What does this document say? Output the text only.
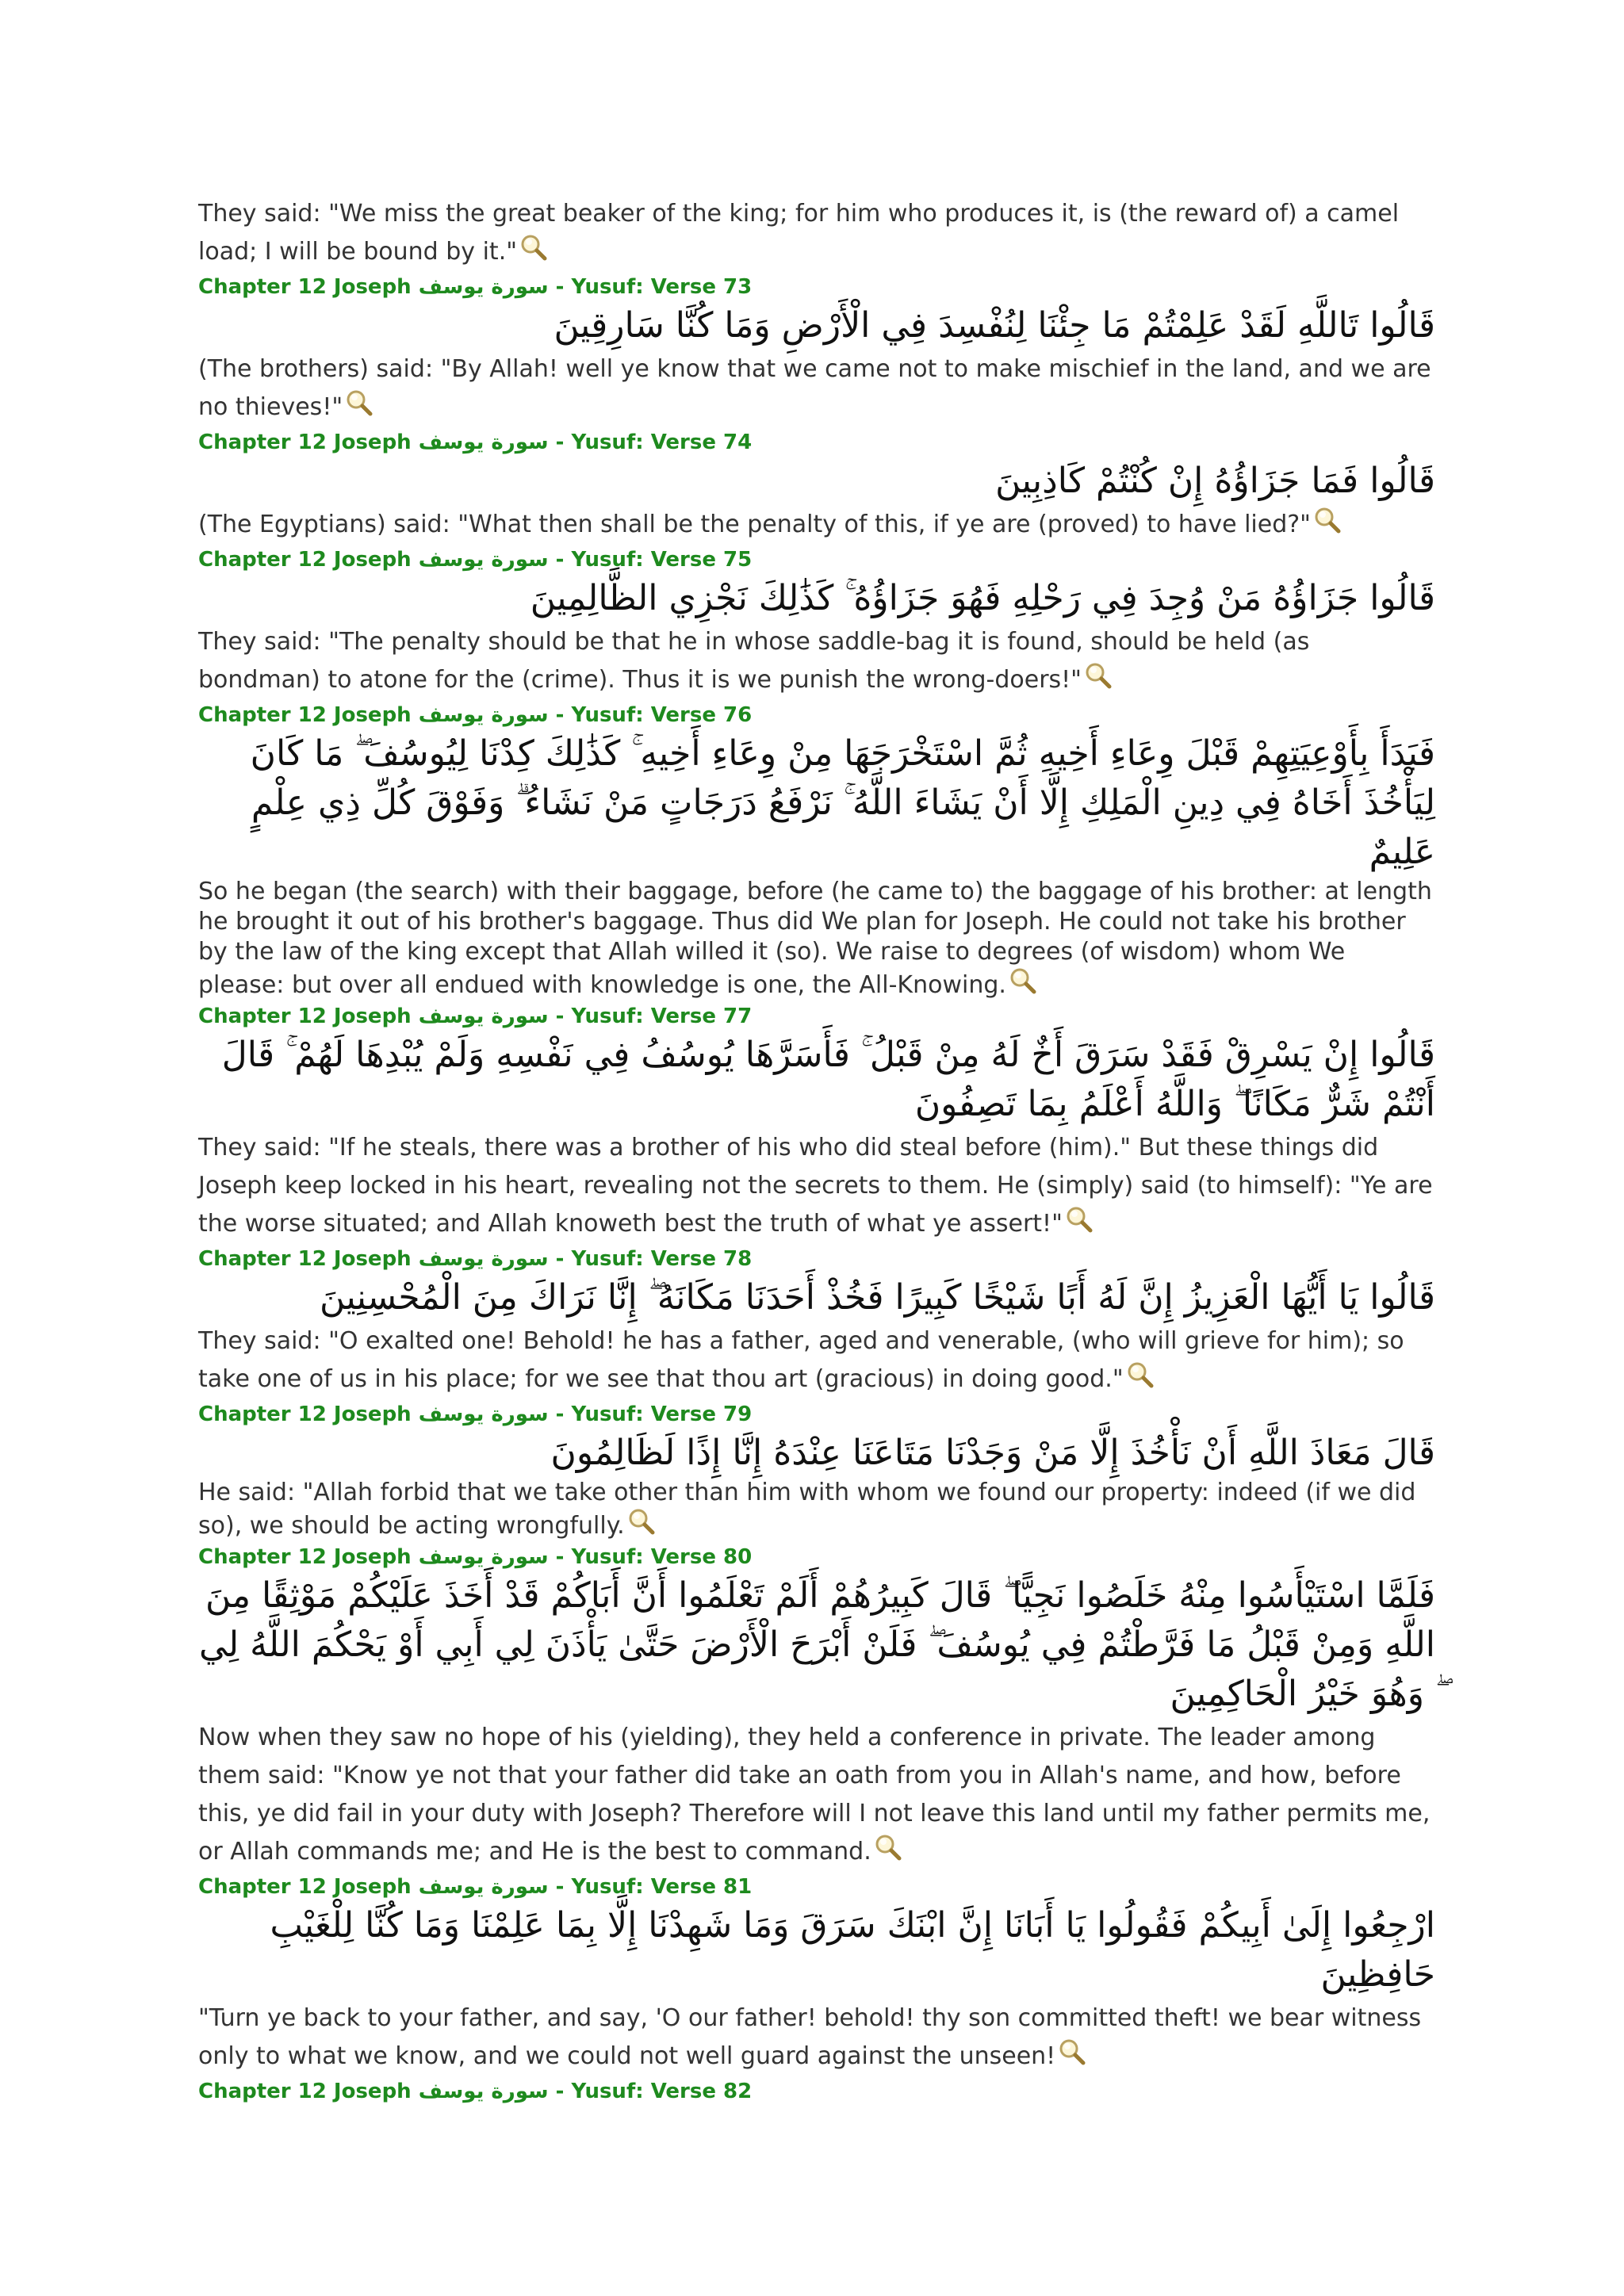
They said: "We miss the great beaker of the king; for him who produces it, is (the reward of) a camel load; I will be bound by it."

Chapter 12 Joseph سورة يوسف - Yusuf: Verse 73

قَالُوا تَاللَّهِ لَقَدْ عَلِمْتُمْ مَا جِئْنَا لِنُفْسِدَ فِي الْأَرْضِ وَمَا كُنَّا سَارِقِينَ

(The brothers) said: "By Allah! well ye know that we came not to make mischief in the land, and we are no thieves!"

Chapter 12 Joseph سورة يوسف - Yusuf: Verse 74

قَالُوا فَمَا جَزَاؤُهُ إِنْ كُنْتُمْ كَاذِبِينَ

(The Egyptians) said: "What then shall be the penalty of this, if ye are (proved) to have lied?"

Chapter 12 Joseph سورة يوسف - Yusuf: Verse 75

قَالُوا جَزَاؤُهُ مَنْ وُجِدَ فِي رَحْلِهِ فَهُوَ جَزَاؤُهُ ۚ كَذَٰلِكَ نَجْزِي الظَّالِمِينَ

They said: "The penalty should be that he in whose saddle-bag it is found, should be held (as bondman) to atone for the (crime). Thus it is we punish the wrong-doers!"

Chapter 12 Joseph سورة يوسف - Yusuf: Verse 76

فَبَدَأَ بِأَوْعِيَتِهِمْ قَبْلَ وِعَاءِ أَخِيهِ ثُمَّ اسْتَخْرَجَهَا مِنْ وِعَاءِ أَخِيهِ ۚ كَذَٰلِكَ كِدْنَا لِيُوسُفَ ۖ مَا كَانَ لِيَأْخُذَ أَخَاهُ فِي دِينِ الْمَلِكِ إِلَّا أَنْ يَشَاءَ اللَّهُ ۚ نَرْفَعُ دَرَجَاتٍ مَنْ نَشَاءُ ۗ وَفَوْقَ كُلِّ ذِي عِلْمٍ عَلِيمٌ

So he began (the search) with their baggage, before (he came to) the baggage of his brother: at length he brought it out of his brother's baggage. Thus did We plan for Joseph. He could not take his brother by the law of the king except that Allah willed it (so). We raise to degrees (of wisdom) whom We please: but over all endued with knowledge is one, the All-Knowing.

Chapter 12 Joseph سورة يوسف - Yusuf: Verse 77

قَالُوا إِنْ يَسْرِقْ فَقَدْ سَرَقَ أَخٌ لَهُ مِنْ قَبْلُ ۚ فَأَسَرَّهَا يُوسُفُ فِي نَفْسِهِ وَلَمْ يُبْدِهَا لَهُمْ ۚ قَالَ أَنْتُمْ شَرٌّ مَكَانًا ۖ وَاللَّهُ أَعْلَمُ بِمَا تَصِفُونَ

They said: "If he steals, there was a brother of his who did steal before (him)." But these things did Joseph keep locked in his heart, revealing not the secrets to them. He (simply) said (to himself): "Ye are the worse situated; and Allah knoweth best the truth of what ye assert!"

Chapter 12 Joseph سورة يوسف - Yusuf: Verse 78

قَالُوا يَا أَيُّهَا الْعَزِيزُ إِنَّ لَهُ أَبًا شَيْخًا كَبِيرًا فَخُذْ أَحَدَنَا مَكَانَهُ ۖ إِنَّا نَرَاكَ مِنَ الْمُحْسِنِينَ

They said: "O exalted one! Behold! he has a father, aged and venerable, (who will grieve for him); so take one of us in his place; for we see that thou art (gracious) in doing good."

Chapter 12 Joseph سورة يوسف - Yusuf: Verse 79

قَالَ مَعَاذَ اللَّهِ أَنْ نَأْخُذَ إِلَّا مَنْ وَجَدْنَا مَتَاعَنَا عِنْدَهُ إِنَّا إِذًا لَظَالِمُونَ

He said: "Allah forbid that we take other than him with whom we found our property: indeed (if we did so), we should be acting wrongfully.

Chapter 12 Joseph سورة يوسف - Yusuf: Verse 80

فَلَمَّا اسْتَيْأَسُوا مِنْهُ خَلَصُوا نَجِيًّا ۖ قَالَ كَبِيرُهُمْ أَلَمْ تَعْلَمُوا أَنَّ أَبَاكُمْ قَدْ أَخَذَ عَلَيْكُمْ مَوْثِقًا مِنَ اللَّهِ وَمِنْ قَبْلُ مَا فَرَّطْتُمْ فِي يُوسُفَ ۖ فَلَنْ أَبْرَحَ الْأَرْضَ حَتَّىٰ يَأْذَنَ لِي أَبِي أَوْ يَحْكُمَ اللَّهُ لِي ۖ وَهُوَ خَيْرُ الْحَاكِمِينَ

Now when they saw no hope of his (yielding), they held a conference in private. The leader among them said: "Know ye not that your father did take an oath from you in Allah's name, and how, before this, ye did fail in your duty with Joseph? Therefore will I not leave this land until my father permits me, or Allah commands me; and He is the best to command.

Chapter 12 Joseph سورة يوسف - Yusuf: Verse 81

ارْجِعُوا إِلَىٰ أَبِيكُمْ فَقُولُوا يَا أَبَانَا إِنَّ ابْنَكَ سَرَقَ وَمَا شَهِدْنَا إِلَّا بِمَا عَلِمْنَا وَمَا كُنَّا لِلْغَيْبِ حَافِظِينَ

"Turn ye back to your father, and say, 'O our father! behold! thy son committed theft! we bear witness only to what we know, and we could not well guard against the unseen!

Chapter 12 Joseph سورة يوسف - Yusuf: Verse 82
